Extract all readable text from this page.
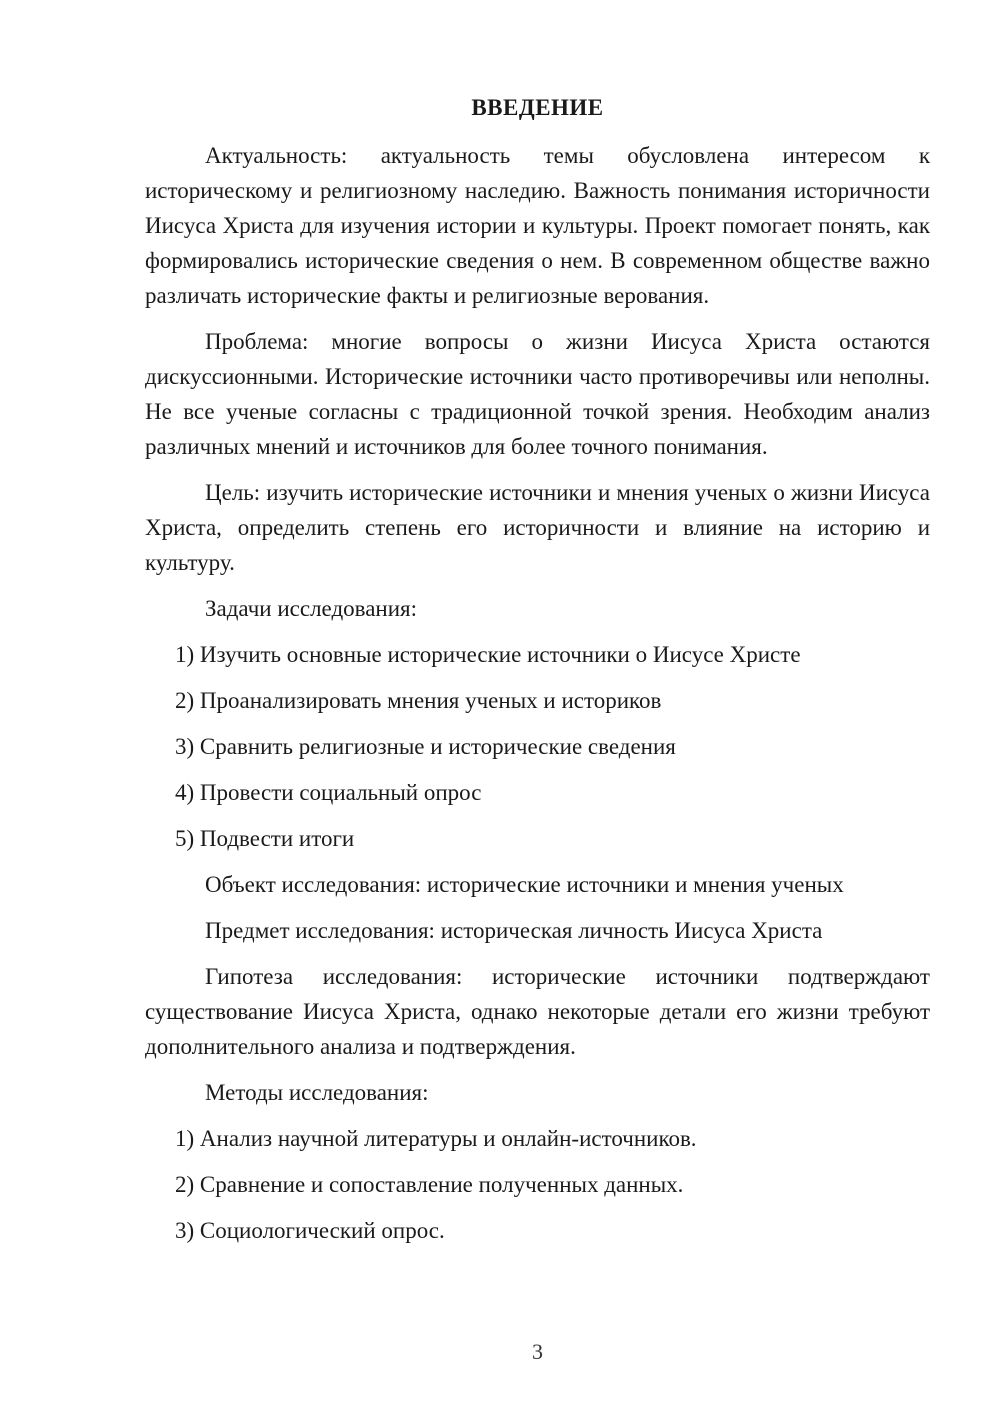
ВВЕДЕНИЕ

Актуальность: актуальность темы обусловлена интересом к историческому и религиозному наследию. Важность понимания историчности Иисуса Христа для изучения истории и культуры. Проект помогает понять, как формировались исторические сведения о нем. В современном обществе важно различать исторические факты и религиозные верования.

Проблема: многие вопросы о жизни Иисуса Христа остаются дискуссионными. Исторические источники часто противоречивы или неполны. Не все ученые согласны с традиционной точкой зрения. Необходим анализ различных мнений и источников для более точного понимания.

Цель: изучить исторические источники и мнения ученых о жизни Иисуса Христа, определить степень его историчности и влияние на историю и культуру.

Задачи исследования:

1) Изучить основные исторические источники о Иисусе Христе

2) Проанализировать мнения ученых и историков

3) Сравнить религиозные и исторические сведения

4) Провести социальный опрос

5) Подвести итоги

Объект исследования: исторические источники и мнения ученых

Предмет исследования: историческая личность Иисуса Христа

Гипотеза исследования: исторические источники подтверждают существование Иисуса Христа, однако некоторые детали его жизни требуют дополнительного анализа и подтверждения.

Методы исследования:

1) Анализ научной литературы и онлайн-источников.

2) Сравнение и сопоставление полученных данных.

3) Социологический опрос.

3
